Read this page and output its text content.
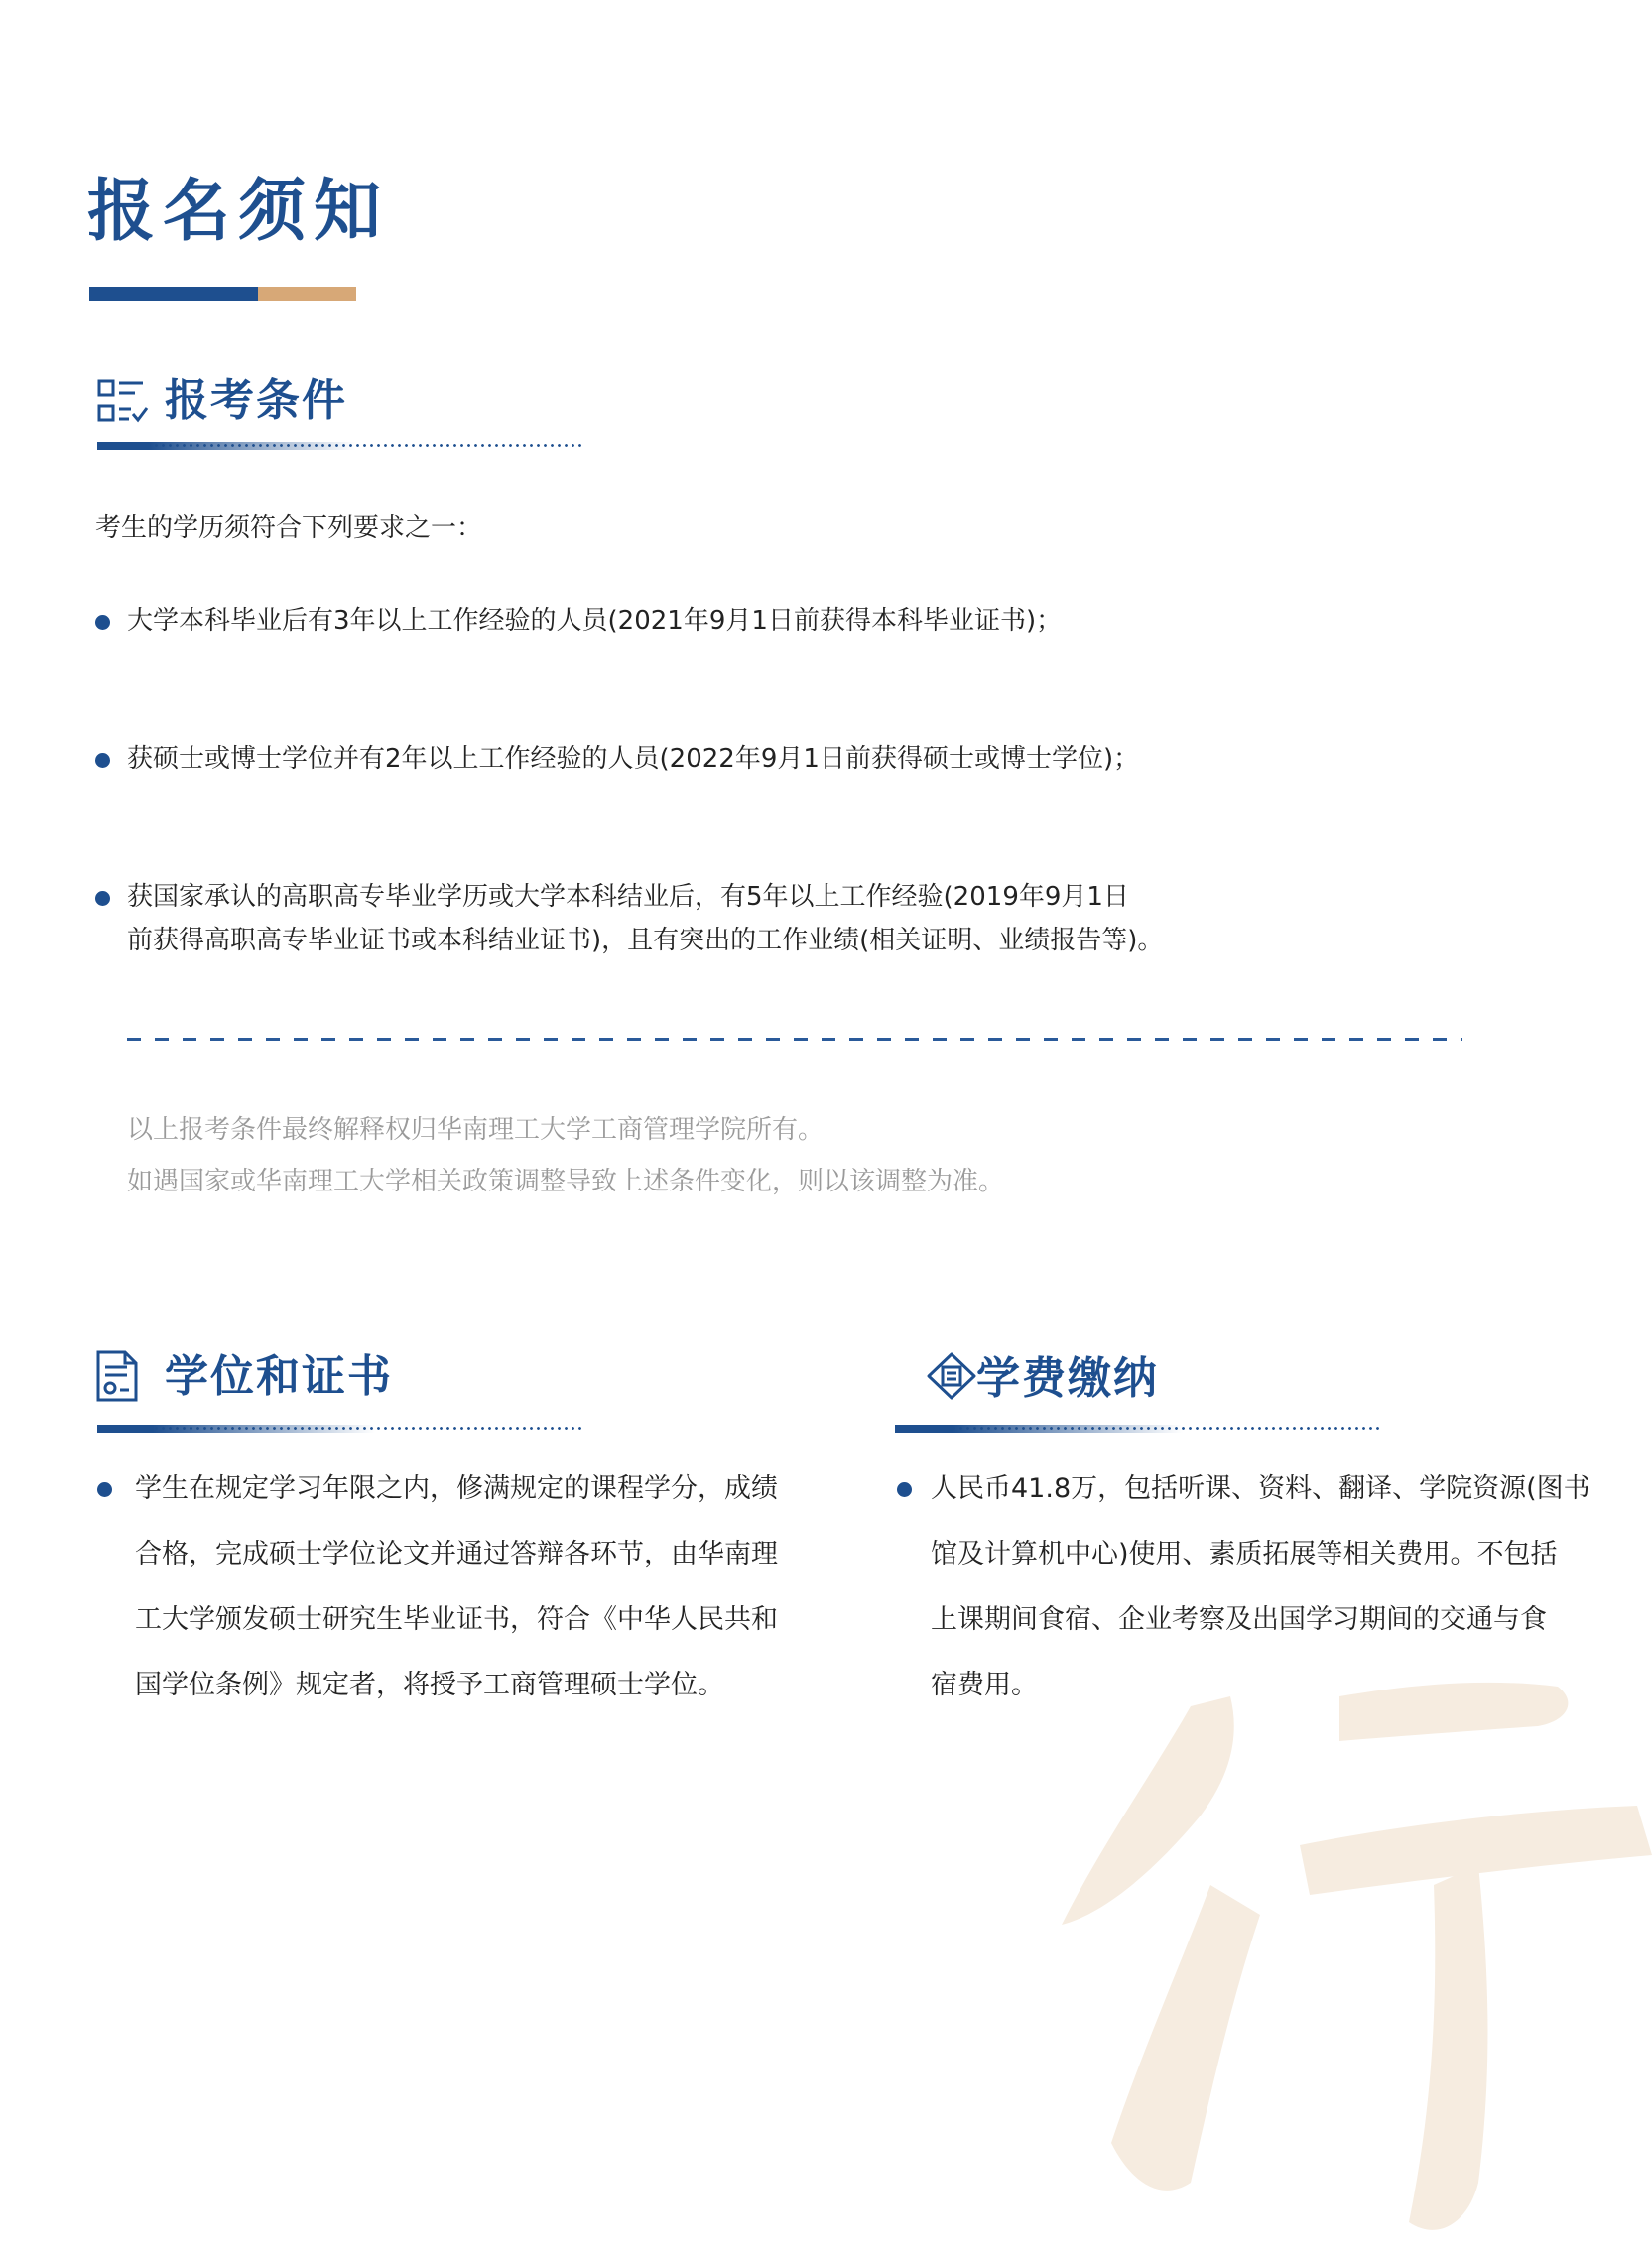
报名须知
报考条件
考生的学历须符合下列要求之一：
大学本科毕业后有3年以上工作经验的人员(2021年9月1日前获得本科毕业证书)；
获硕士或博士学位并有2年以上工作经验的人员(2022年9月1日前获得硕士或博士学位)；
获国家承认的高职高专毕业学历或大学本科结业后，有5年以上工作经验(2019年9月1日
前获得高职高专毕业证书或本科结业证书)，且有突出的工作业绩(相关证明、业绩报告等)。
以上报考条件最终解释权归华南理工大学工商管理学院所有。
如遇国家或华南理工大学相关政策调整导致上述条件变化，则以该调整为准。
学位和证书
学生在规定学习年限之内，修满规定的课程学分，成绩
合格，完成硕士学位论文并通过答辩各环节，由华南理
工大学颁发硕士研究生毕业证书，符合《中华人民共和
国学位条例》规定者，将授予工商管理硕士学位。
学费缴纳
人民币41.8万，包括听课、资料、翻译、学院资源(图书
馆及计算机中心)使用、素质拓展等相关费用。不包括
上课期间食宿、企业考察及出国学习期间的交通与食
宿费用。
